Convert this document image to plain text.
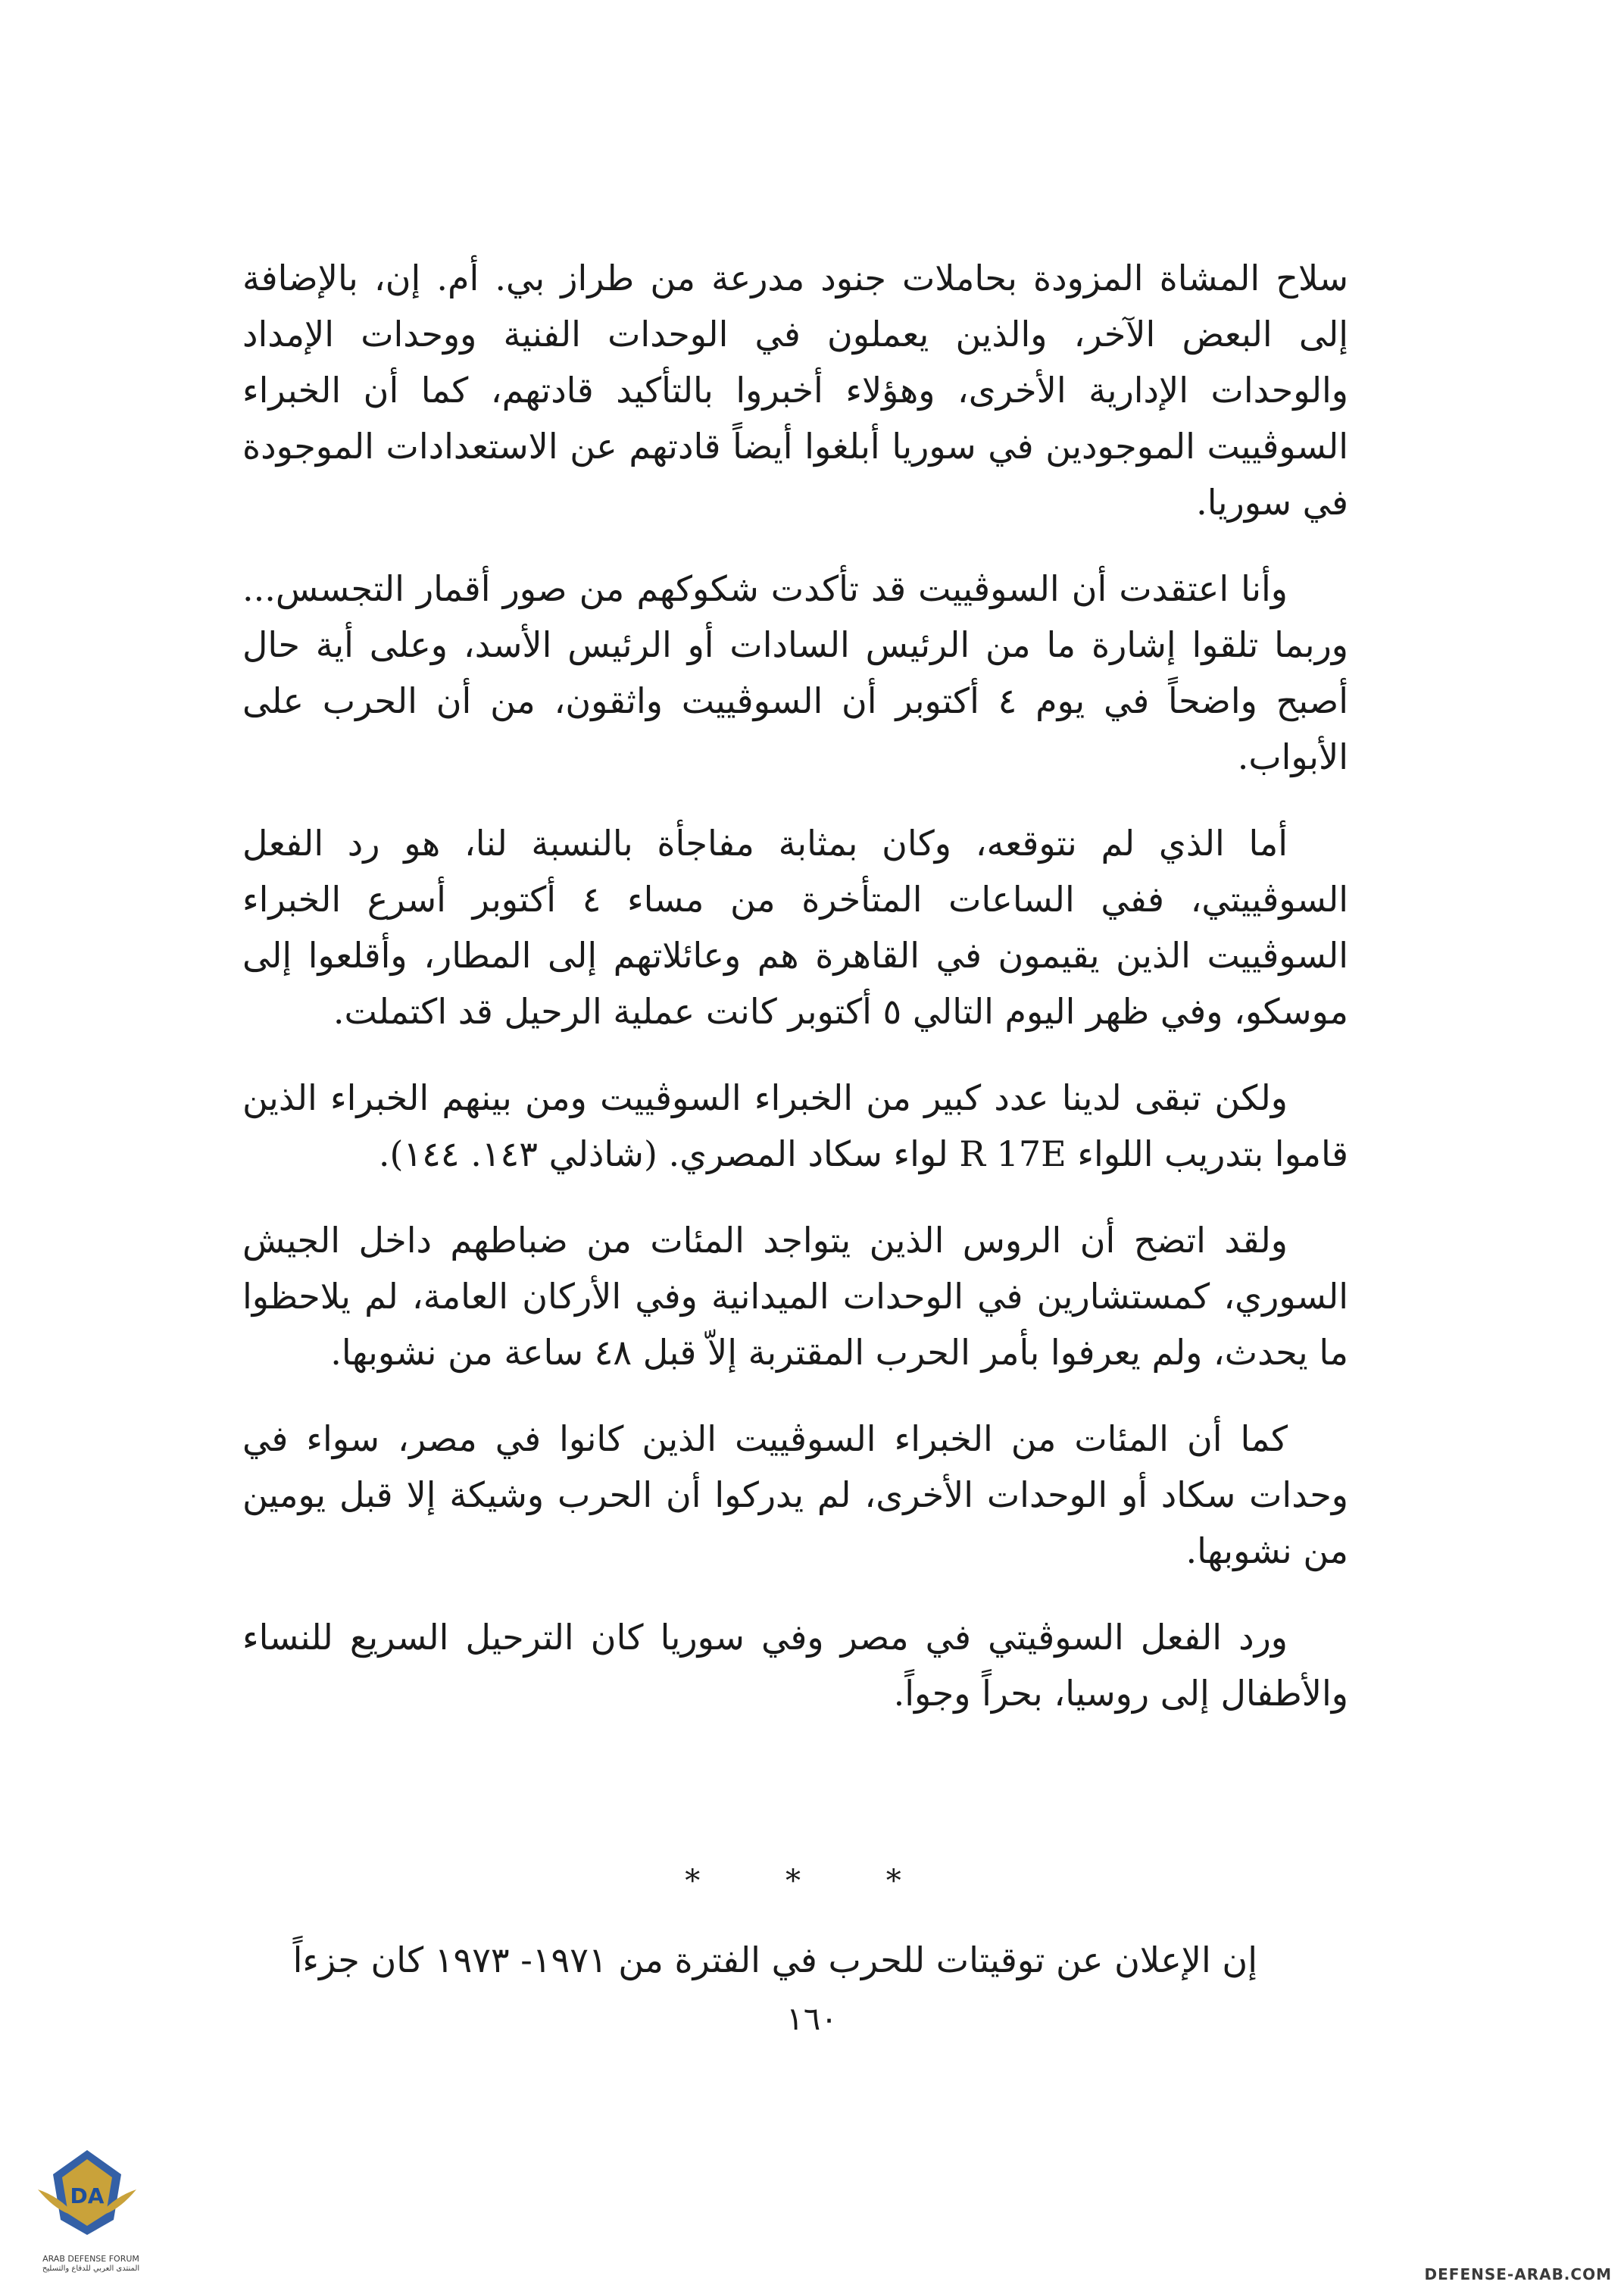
سلاح المشاة المزودة بحاملات جنود مدرعة من طراز بي. أم. إن، بالإضافة إلى البعض الآخر، والذين يعملون في الوحدات الفنية ووحدات الإمداد والوحدات الإدارية الأخرى، وهؤلاء أخبروا بالتأكيد قادتهم، كما أن الخبراء السوڤييت الموجودين في سوريا أبلغوا أيضاً قادتهم عن الاستعدادات الموجودة في سوريا.

وأنا اعتقدت أن السوڤييت قد تأكدت شكوكهم من صور أقمار التجسس... وربما تلقوا إشارة ما من الرئيس السادات أو الرئيس الأسد، وعلى أية حال أصبح واضحاً في يوم ٤ أكتوبر أن السوڤييت واثقون، من أن الحرب على الأبواب.

أما الذي لم نتوقعه، وكان بمثابة مفاجأة بالنسبة لنا، هو رد الفعل السوڤييتي، ففي الساعات المتأخرة من مساء ٤ أكتوبر أسرع الخبراء السوڤييت الذين يقيمون في القاهرة هم وعائلاتهم إلى المطار، وأقلعوا إلى موسكو، وفي ظهر اليوم التالي ٥ أكتوبر كانت عملية الرحيل قد اكتملت.

ولكن تبقى لدينا عدد كبير من الخبراء السوڤييت ومن بينهم الخبراء الذين قاموا بتدريب اللواء R 17E لواء سكاد المصري. (شاذلي ١٤٣. ١٤٤).

ولقد اتضح أن الروس الذين يتواجد المئات من ضباطهم داخل الجيش السوري، كمستشارين في الوحدات الميدانية وفي الأركان العامة، لم يلاحظوا ما يحدث، ولم يعرفوا بأمر الحرب المقتربة إلاّ قبل ٤٨ ساعة من نشوبها.

كما أن المئات من الخبراء السوڤييت الذين كانوا في مصر، سواء في وحدات سكاد أو الوحدات الأخرى، لم يدركوا أن الحرب وشيكة إلا قبل يومين من نشوبها.

ورد الفعل السوڤيتي في مصر وفي سوريا كان الترحيل السريع للنساء والأطفال إلى روسيا، بحراً وجواً.

* * *
إن الإعلان عن توقيتات للحرب في الفترة من ١٩٧١- ١٩٧٣ كان جزءاً
١٦٠
DA
ARAB DEFENSE FORUM
المنتدى العربي للدفاع والتسليح	DEFENSE-ARAB.COM
